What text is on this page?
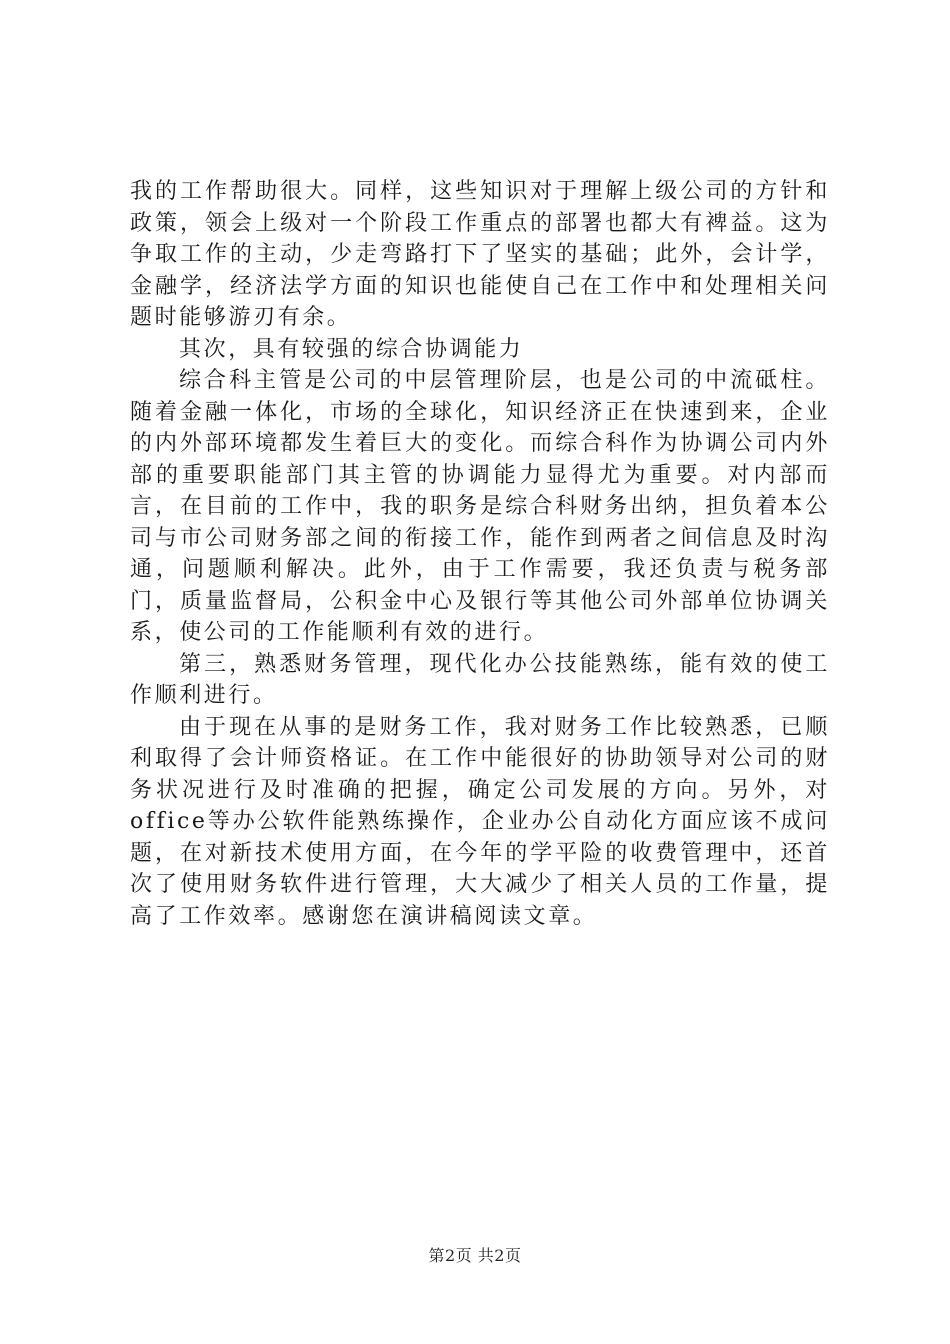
我的工作帮助很大。同样，这些知识对于理解上级公司的方针和政策，领会上级对一个阶段工作重点的部署也都大有裨益。这为争取工作的主动，少走弯路打下了坚实的基础；此外，会计学，金融学，经济法学方面的知识也能使自己在工作中和处理相关问题时能够游刃有余。

其次，具有较强的综合协调能力

综合科主管是公司的中层管理阶层，也是公司的中流砥柱。随着金融一体化，市场的全球化，知识经济正在快速到来，企业的内外部环境都发生着巨大的变化。而综合科作为协调公司内外部的重要职能部门其主管的协调能力显得尤为重要。对内部而言，在目前的工作中，我的职务是综合科财务出纳，担负着本公司与市公司财务部之间的衔接工作，能作到两者之间信息及时沟通，问题顺利解决。此外，由于工作需要，我还负责与税务部门，质量监督局，公积金中心及银行等其他公司外部单位协调关系，使公司的工作能顺利有效的进行。

第三，熟悉财务管理，现代化办公技能熟练，能有效的使工作顺利进行。

由于现在从事的是财务工作，我对财务工作比较熟悉，已顺利取得了会计师资格证。在工作中能很好的协助领导对公司的财务状况进行及时准确的把握，确定公司发展的方向。另外，对office等办公软件能熟练操作，企业办公自动化方面应该不成问题，在对新技术使用方面，在今年的学平险的收费管理中，还首次了使用财务软件进行管理，大大减少了相关人员的工作量，提高了工作效率。感谢您在演讲稿阅读文章。

第2页 共2页
